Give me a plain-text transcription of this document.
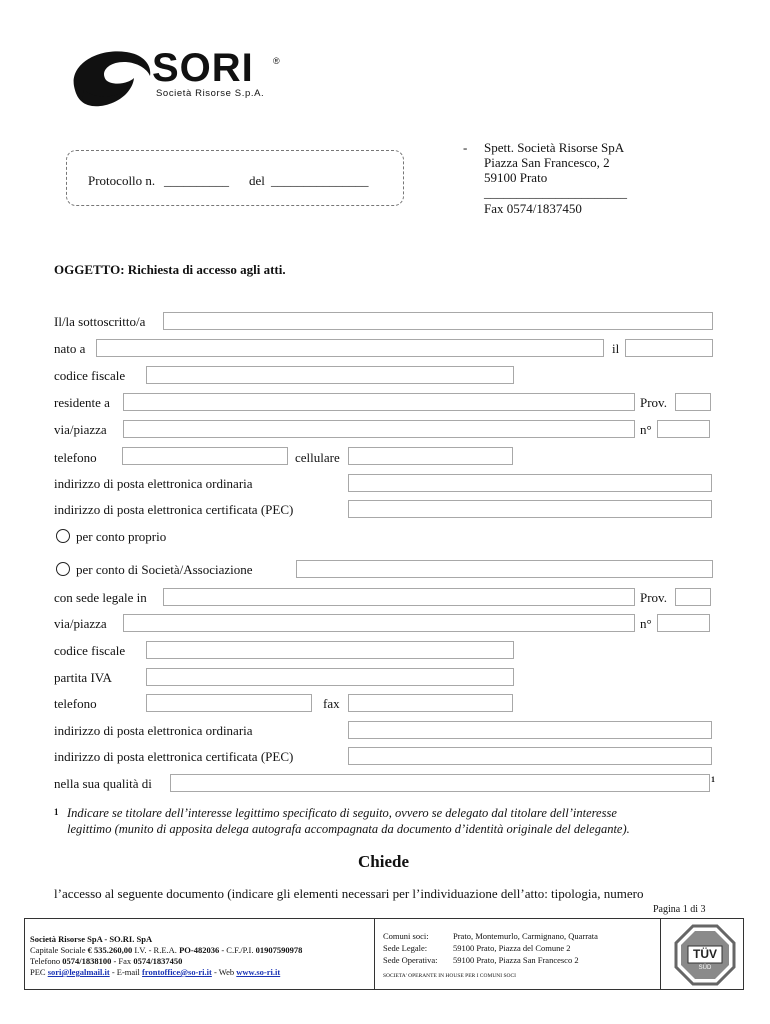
SORI ®
Società Risorse S.p.A.
Protocollo n. __________ del _______________
- Spett. Società Risorse SpA
Piazza San Francesco, 2
59100 Prato
______________________
Fax 0574/1837450
OGGETTO: Richiesta di accesso agli atti.
Il/la sottoscritto/a
nato a	il
codice fiscale
residente a	Prov.
via/piazza	n°
telefono	cellulare
indirizzo di posta elettronica ordinaria
indirizzo di posta elettronica certificata (PEC)
per conto proprio
per conto di Società/Associazione
con sede legale in	Prov.
via/piazza	n°
codice fiscale
partita IVA
telefono	fax
indirizzo di posta elettronica ordinaria
indirizzo di posta elettronica certificata (PEC)
nella sua qualità di	1
1 Indicare se titolare dell’interesse legittimo specificato di seguito, ovvero se delegato dal titolare dell’interesse
legittimo (munito di apposita delega autografa accompagnata da documento d’identità originale del delegante).
Chiede
l’accesso al seguente documento (indicare gli elementi necessari per l’individuazione dell’atto: tipologia, numero
Pagina 1 di 3
Società Risorse SpA - SO.RI. SpA
Capitale Sociale € 535.260,00 I.V. - R.E.A. PO-482036 - C.F./P.I. 01907590978
Telefono 0574/1838100 - Fax 0574/1837450
PEC sori@legalmail.it - E-mail frontoffice@so-ri.it - Web www.so-ri.it
Comuni soci:	Prato, Montemurlo, Carmignano, Quarrata
Sede Legale:	59100 Prato, Piazza del Comune 2
Sede Operativa: 59100 Prato, Piazza San Francesco 2
SOCIETA' OPERANTE IN HOUSE PER I COMUNI SOCI
TÜV
SÜD
